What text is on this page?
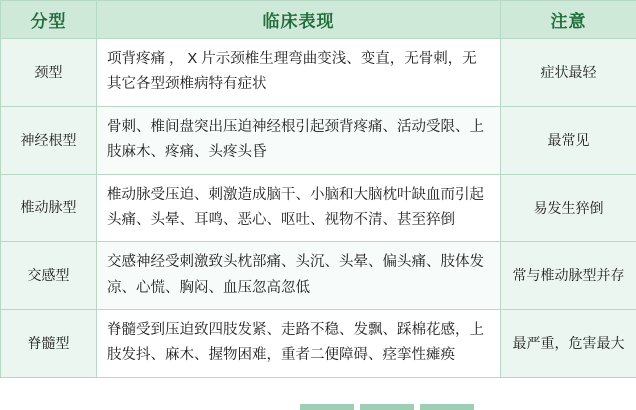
分型	临床表现	注意
颈型	项背疼痛 ， X 片示颈椎生理弯曲变浅、变直，无骨刺，无其它各型颈椎病特有症状	症状最轻
神经根型	骨刺、椎间盘突出压迫神经根引起颈背疼痛、活动受限、上肢麻木、疼痛、头疼头昏	最常见
椎动脉型	椎动脉受压迫、刺激造成脑干、小脑和大脑枕叶缺血而引起头痛、头晕、耳鸣、恶心、呕吐、视物不清、甚至猝倒	易发生猝倒
交感型	交感神经受刺激致头枕部痛、头沉、头晕、偏头痛、肢体发凉、心慌、胸闷、血压忽高忽低	常与椎动脉型并存
脊髓型	脊髓受到压迫致四肢发紧、走路不稳、发飘、踩棉花感，上肢发抖、麻木、握物困难，重者二便障碍、痉挛性瘫痪	最严重，危害最大
